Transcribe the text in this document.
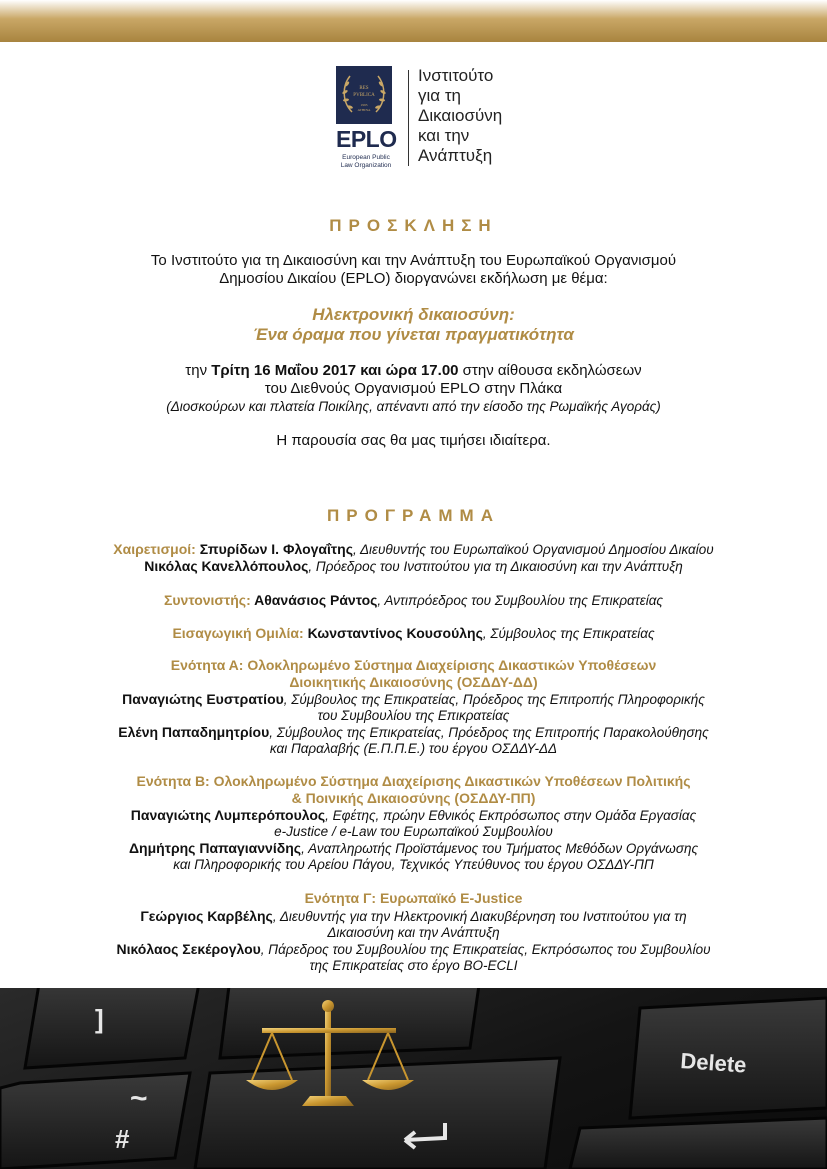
RES
PVBLICA
1995
ATHINA
EPLO
European Public Law Organization
Ινστιτούτο
για τη
Δικαιοσύνη
και την
Ανάπτυξη
ΠΡΟΣΚΛΗΣΗ
Το Ινστιτούτο για τη Δικαιοσύνη και την Ανάπτυξη του Ευρωπαϊκού Οργανισμού
Δημοσίου Δικαίου (EPLO) διοργανώνει εκδήλωση με θέμα:
Ηλεκτρονική δικαιοσύνη:
Ένα όραμα που γίνεται πραγματικότητα
την Τρίτη 16 Μαΐου 2017 και ώρα 17.00 στην αίθουσα εκδηλώσεων
του Διεθνούς Οργανισμού EPLO στην Πλάκα
(Διοσκούρων και πλατεία Ποικίλης, απέναντι από την είσοδο της Ρωμαϊκής Αγοράς)
Η παρουσία σας θα μας τιμήσει ιδιαίτερα.
ΠΡΟΓΡΑΜΜΑ
Χαιρετισμοί: Σπυρίδων Ι. Φλογαΐτης, Διευθυντής του Ευρωπαϊκού Οργανισμού Δημοσίου Δικαίου
Νικόλας Κανελλόπουλος, Πρόεδρος του Ινστιτούτου για τη Δικαιοσύνη και την Ανάπτυξη
Συντονιστής: Αθανάσιος Ράντος, Αντιπρόεδρος του Συμβουλίου της Επικρατείας
Εισαγωγική Ομιλία: Κωνσταντίνος Κουσούλης, Σύμβουλος της Επικρατείας
Ενότητα Α: Ολοκληρωμένο Σύστημα Διαχείρισης Δικαστικών Υποθέσεων
Διοικητικής Δικαιοσύνης (ΟΣΔΔΥ-ΔΔ)
Παναγιώτης Ευστρατίου, Σύμβουλος της Επικρατείας, Πρόεδρος της Επιτροπής Πληροφορικής
του Συμβουλίου της Επικρατείας
Ελένη Παπαδημητρίου, Σύμβουλος της Επικρατείας, Πρόεδρος της Επιτροπής Παρακολούθησης
και Παραλαβής (Ε.Π.Π.Ε.) του έργου ΟΣΔΔΥ-ΔΔ
Ενότητα Β: Ολοκληρωμένο Σύστημα Διαχείρισης Δικαστικών Υποθέσεων Πολιτικής
& Ποινικής Δικαιοσύνης (ΟΣΔΔΥ-ΠΠ)
Παναγιώτης Λυμπερόπουλος, Εφέτης, πρώην Εθνικός Εκπρόσωπος στην Ομάδα Εργασίας
e-Justice / e-Law του Ευρωπαϊκού Συμβουλίου
Δημήτρης Παπαγιαννίδης, Αναπληρωτής Προϊστάμενος του Τμήματος Μεθόδων Οργάνωσης
και Πληροφορικής του Αρείου Πάγου, Τεχνικός Υπεύθυνος του έργου ΟΣΔΔΥ-ΠΠ
Ενότητα Γ: Ευρωπαϊκό E-Justice
Γεώργιος Καρβέλης, Διευθυντής για την Ηλεκτρονική Διακυβέρνηση του Ινστιτούτου για τη
Δικαιοσύνη και την Ανάπτυξη
Νικόλαος Σεκέρογλου, Πάρεδρος του Συμβουλίου της Επικρατείας, Εκπρόσωπος του Συμβουλίου
της Επικρατείας στο έργο BO-ECLI
]
~
#
Delete
